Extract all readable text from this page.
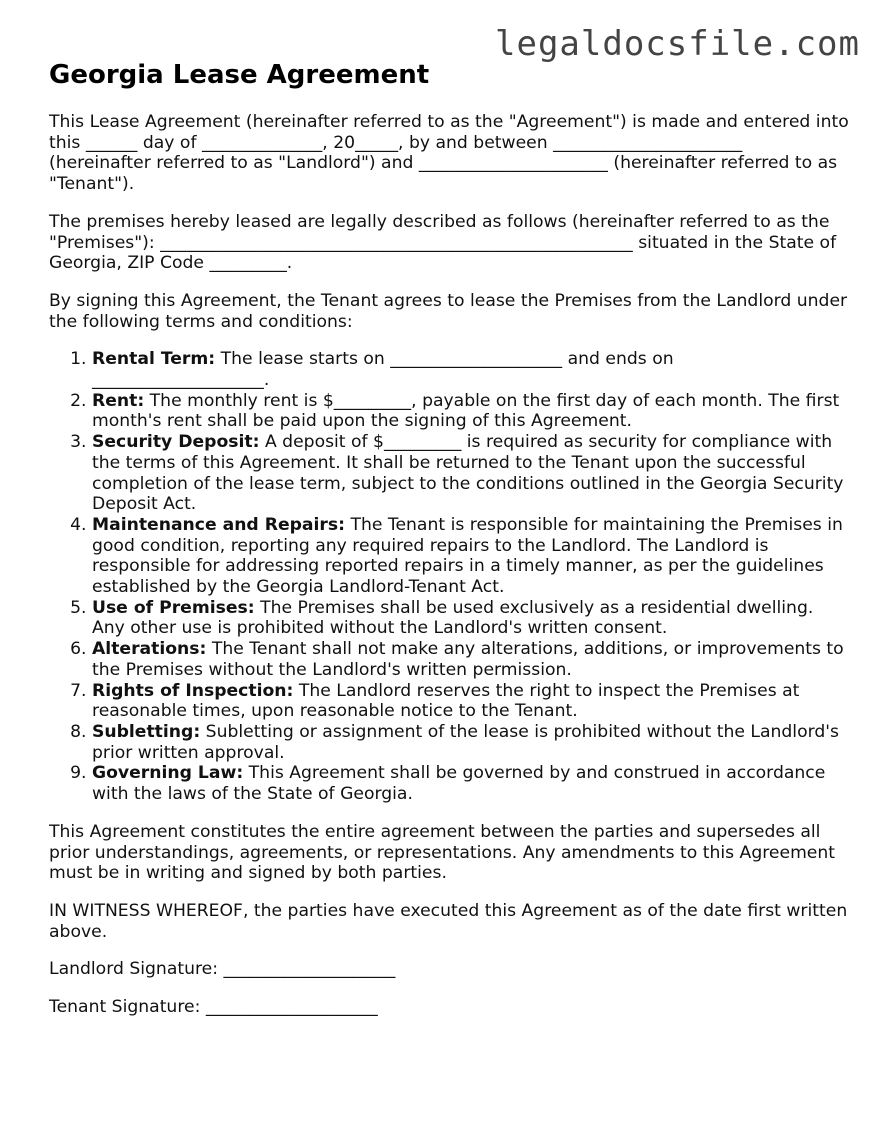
legaldocsfile.com
Georgia Lease Agreement

This Lease Agreement (hereinafter referred to as the "Agreement") is made and entered into this ______ day of ______________, 20_____, by and between ______________________ (hereinafter referred to as "Landlord") and ______________________ (hereinafter referred to as "Tenant").

The premises hereby leased are legally described as follows (hereinafter referred to as the "Premises"): _______________________________________________________ situated in the State of Georgia, ZIP Code _________.

By signing this Agreement, the Tenant agrees to lease the Premises from the Landlord under the following terms and conditions:

1. Rental Term: The lease starts on ____________________ and ends on ____________________.
2. Rent: The monthly rent is $_________, payable on the first day of each month. The first month's rent shall be paid upon the signing of this Agreement.
3. Security Deposit: A deposit of $_________ is required as security for compliance with the terms of this Agreement. It shall be returned to the Tenant upon the successful completion of the lease term, subject to the conditions outlined in the Georgia Security Deposit Act.
4. Maintenance and Repairs: The Tenant is responsible for maintaining the Premises in good condition, reporting any required repairs to the Landlord. The Landlord is responsible for addressing reported repairs in a timely manner, as per the guidelines established by the Georgia Landlord-Tenant Act.
5. Use of Premises: The Premises shall be used exclusively as a residential dwelling. Any other use is prohibited without the Landlord's written consent.
6. Alterations: The Tenant shall not make any alterations, additions, or improvements to the Premises without the Landlord's written permission.
7. Rights of Inspection: The Landlord reserves the right to inspect the Premises at reasonable times, upon reasonable notice to the Tenant.
8. Subletting: Subletting or assignment of the lease is prohibited without the Landlord's prior written approval.
9. Governing Law: This Agreement shall be governed by and construed in accordance with the laws of the State of Georgia.

This Agreement constitutes the entire agreement between the parties and supersedes all prior understandings, agreements, or representations. Any amendments to this Agreement must be in writing and signed by both parties.

IN WITNESS WHEREOF, the parties have executed this Agreement as of the date first written above.

Landlord Signature: ____________________

Tenant Signature: ____________________
